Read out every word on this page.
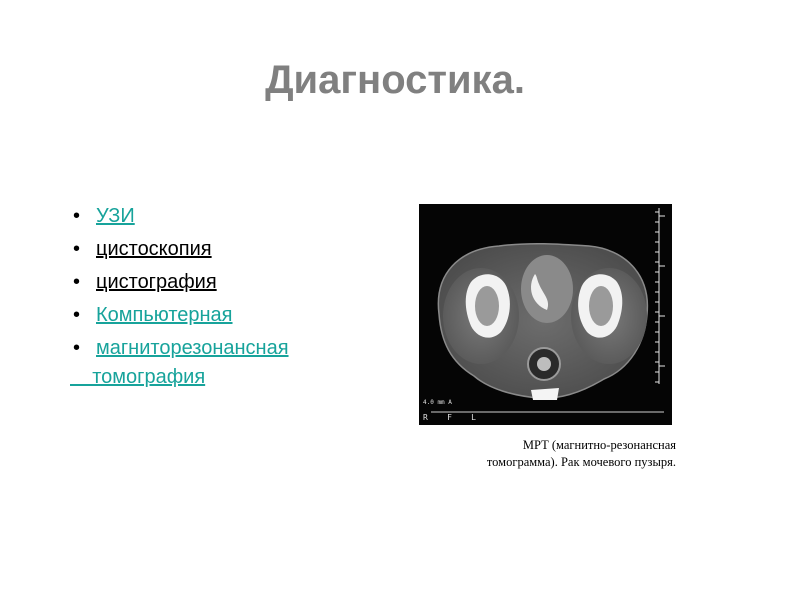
Диагностика.
• УЗИ
• цистоскопия
• цистография
• Компьютерная
• магниторезонансная
томография
4.0 mm A
R    F    L
МРТ (магнитно-резонансная
томограмма). Рак мочевого пузыря.
